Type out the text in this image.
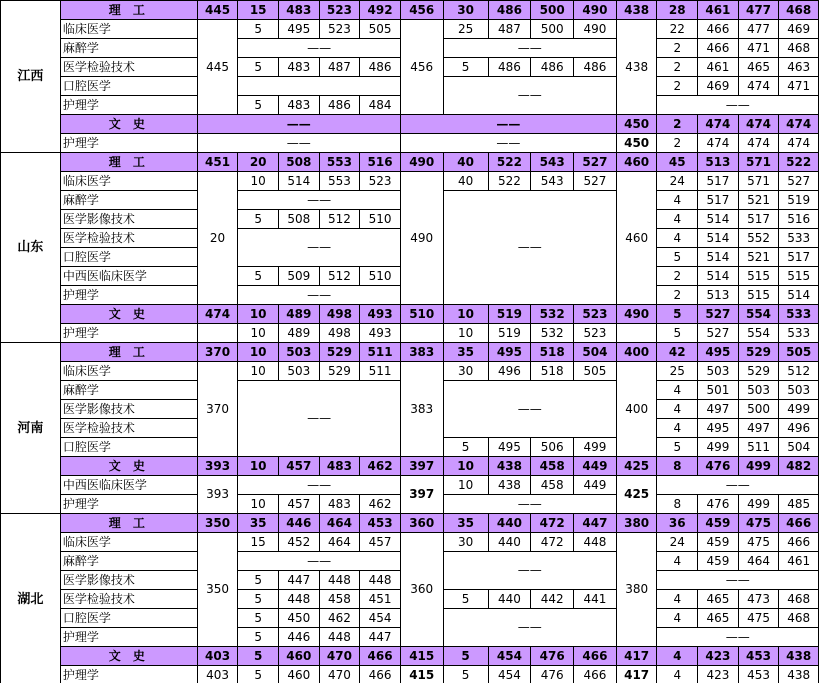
江西	理 工	445	15	483	523	492	456	30	486	500	490	438	28	461	477	468
	临床医学	445	5	495	523	505	456	25	487	500	490	438	22	466	477	469
	麻醉学		——					——					2	466	471	468
	医学检验技术		5	483	487	486		5	486	486	486		2	461	465	463
	口腔医学							——					2	469	474	471
	护理学		5	483	486	484							——			
	文 史	——					——					450	2	474	474	474
	护理学	——					——					450	2	474	474	474
山东	理 工	451	20	508	553	516	490	40	522	543	527	460	45	513	571	522
	临床医学	20	10	514	553	523	490	40	522	543	527	460	24	517	571	527
	麻醉学		——					——					4	517	521	519
	医学影像技术		5	508	512	510							4	514	517	516
	医学检验技术		——										4	514	552	533
	口腔医学												5	514	521	517
	中西医临床医学		5	509	512	510							2	514	515	515
	护理学		——										2	513	515	514
	文 史	474	10	489	498	493	510	10	519	532	523	490	5	527	554	533
	护理学		10	489	498	493		10	519	532	523		5	527	554	533
河南	理 工	370	10	503	529	511	383	35	495	518	504	400	42	495	529	505
	临床医学	370	10	503	529	511	383	30	496	518	505	400	25	503	529	512
	麻醉学		——					——					4	501	503	503
	医学影像技术												4	497	500	499
	医学检验技术												4	495	497	496
	口腔医学							5	495	506	499		5	499	511	504
	文 史	393	10	457	483	462	397	10	438	458	449	425	8	476	499	482
	中西医临床医学	393	——				397	10	438	458	449	425	——			
	护理学		10	457	483	462		——					8	476	499	485
湖北	理 工	350	35	446	464	453	360	35	440	472	447	380	36	459	475	466
	临床医学	350	15	452	464	457	360	30	440	472	448	380	24	459	475	466
	麻醉学		——					——					4	459	464	461
	医学影像技术		5	447	448	448							——			
	医学检验技术		5	448	458	451		5	440	442	441		4	465	473	468
	口腔医学		5	450	462	454		——					4	465	475	468
	护理学		5	446	448	447							——			
	文 史	403	5	460	470	466	415	5	454	476	466	417	4	423	453	438
	护理学	403	5	460	470	466	415	5	454	476	466	417	4	423	453	438
